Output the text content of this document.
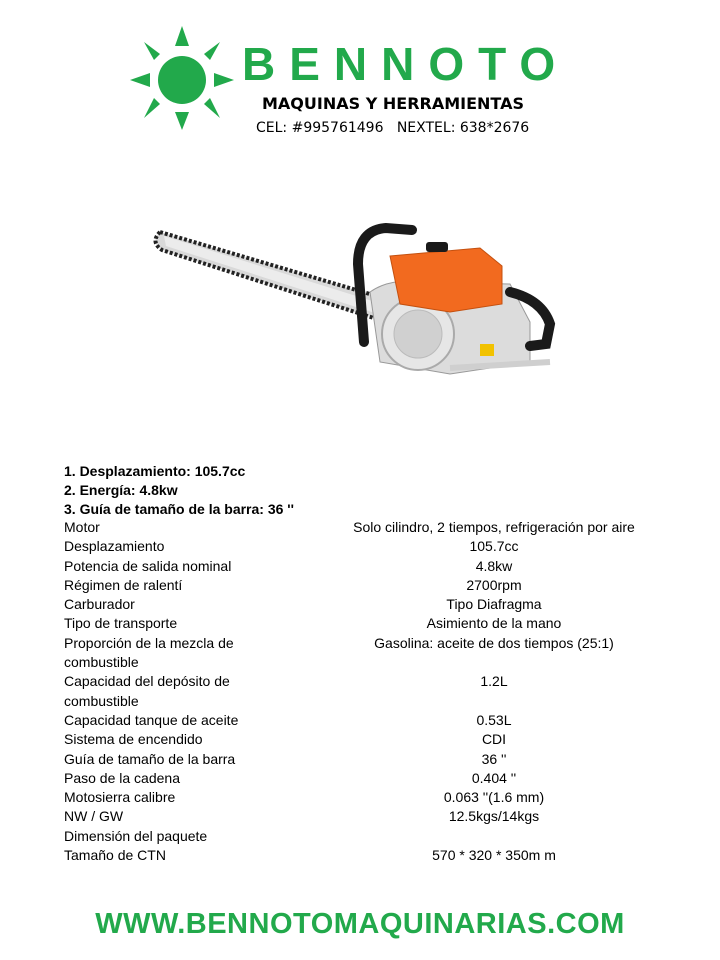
BENNOTO
MAQUINAS Y HERRAMIENTAS
CEL: #995761496   NEXTEL: 638*2676
1. Desplazamiento: 105.7cc
2. Energía: 4.8kw
3. Guía de tamaño de la barra: 36 ''
Motor	Solo cilindro, 2 tiempos, refrigeración por aire
Desplazamiento	105.7cc
Potencia de salida nominal	4.8kw
Régimen de ralentí	2700rpm
Carburador	Tipo Diafragma
Tipo de transporte	Asimiento de la mano
Proporción de la mezcla de combustible	Gasolina: aceite de dos tiempos (25:1)
Capacidad del depósito de combustible	1.2L
Capacidad tanque de aceite	0.53L
Sistema de encendido	CDI
Guía de tamaño de la barra	36 ''
Paso de la cadena	0.404 ''
Motosierra calibre	0.063 ''(1.6 mm)
NW / GW	12.5kgs/14kgs
Dimensión del paquete	
Tamaño de CTN	570 * 320 * 350m m
WWW.BENNOTOMAQUINARIAS.COM
